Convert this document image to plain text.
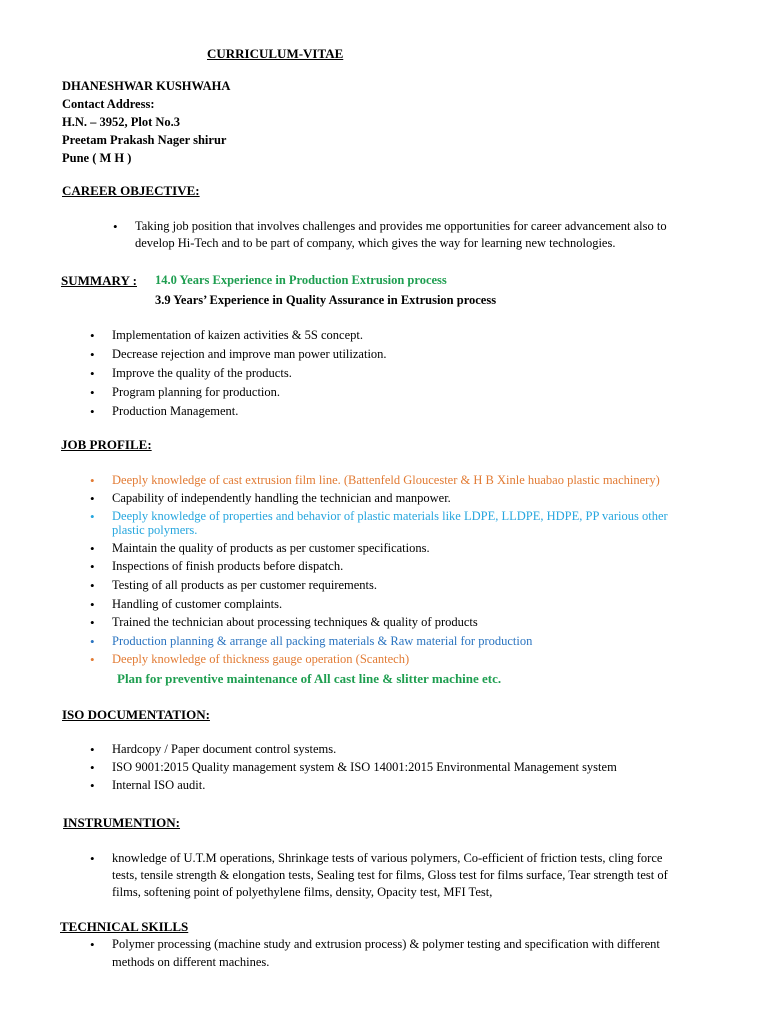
CURRICULUM-VITAE
DHANESHWAR KUSHWAHA
Contact Address:
H.N. – 3952, Plot No.3
Preetam Prakash Nager shirur
Pune ( M H )
CAREER OBJECTIVE:
• Taking job position that involves challenges and provides me opportunities for career advancement also to
develop Hi-Tech and to be part of company, which gives the way for learning new technologies.
SUMMARY : 14.0 Years Experience in Production Extrusion process
3.9 Years’ Experience in Quality Assurance in Extrusion process
• Implementation of kaizen activities & 5S concept.
• Decrease rejection and improve man power utilization.
• Improve the quality of the products.
• Program planning for production.
• Production Management.
JOB PROFILE:
• Deeply knowledge of cast extrusion film line. (Battenfeld Gloucester & H B Xinle huabao plastic machinery)
• Capability of independently handling the technician and manpower.
• Deeply knowledge of properties and behavior of plastic materials like LDPE, LLDPE, HDPE, PP various other
plastic polymers.
• Maintain the quality of products as per customer specifications.
• Inspections of finish products before dispatch.
• Testing of all products as per customer requirements.
• Handling of customer complaints.
• Trained the technician about processing techniques & quality of products
• Production planning & arrange all packing materials & Raw material for production
• Deeply knowledge of thickness gauge operation (Scantech)
Plan for preventive maintenance of All cast line & slitter machine etc.
ISO DOCUMENTATION:
• Hardcopy / Paper document control systems.
• ISO 9001:2015 Quality management system & ISO 14001:2015 Environmental Management system
• Internal ISO audit.
INSTRUMENTION:
• knowledge of U.T.M operations, Shrinkage tests of various polymers, Co-efficient of friction tests, cling force
tests, tensile strength & elongation tests, Sealing test for films, Gloss test for films surface, Tear strength test of
films, softening point of polyethylene films, density, Opacity test, MFI Test,
TECHNICAL SKILLS
• Polymer processing (machine study and extrusion process) & polymer testing and specification with different
methods on different machines.
